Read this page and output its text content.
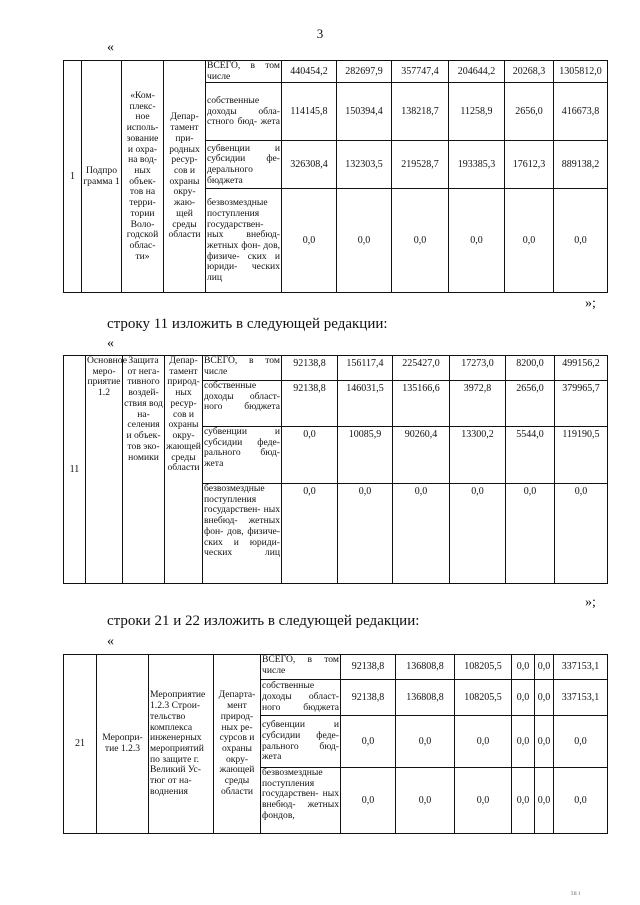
3
«
1	Подпро грамма 1	«Ком- плекс- ное исполь- зование и охра- на вод- ных объек- тов на терри- тории Воло- годской облас- ти»	Депар- тамент при- родных ресур- сов и охраны окру- жаю- щей среды области	ВСЕГО, в том числе	440454,2	282697,9	357747,4	204644,2	20268,3	1305812,0
				собственные доходы обла- стного бюд- жета	114145,8	150394,4	138218,7	11258,9	2656,0	416673,8
				субвенции и субсидии фе- дерального бюджета	326308,4	132303,5	219528,7	193385,3	17612,3	889138,2
				безвозмездные поступления государствен- ных внебюд- жетных фон- дов, физиче- ских и юриди- ческих лиц	0,0	0,0	0,0	0,0	0,0	0,0
»;
строку 11 изложить в следующей редакции:
«
11	Основное меро- приятие 1.2	Защита от нега- тивного воздей- ствия вод на- селения и объек- тов эко- номики	Депар- тамент природ- ных ресур- сов и охраны окру- жающей среды области	ВСЕГО, в том числе	92138,8	156117,4	225427,0	17273,0	8200,0	499156,2
				собственные доходы област- ного бюджета	92138,8	146031,5	135166,6	3972,8	2656,0	379965,7
				субвенции и субсидии феде- рального бюд- жета	0,0	10085,9	90260,4	13300,2	5544,0	119190,5
				безвозмездные поступления государствен- ных внебюд- жетных фон- дов, физиче- ских и юриди- ческих лиц	0,0	0,0	0,0	0,0	0,0	0,0
»;
строки 21 и 22 изложить в следующей редакции:
«
21	Меропри- тие 1.2.3	Мероприятие 1.2.3 Строи- тельство комплекса инженерных мероприятий по защите г. Великий Ус- тюг от на- воднения	Департа- мент природ- ных ре- сурсов и охраны окру- жающей среды области	ВСЕГО, в том числе	92138,8	136808,8	108205,5	0,0	0,0	337153,1
				собственные доходы област- ного бюджета	92138,8	136808,8	108205,5	0,0	0,0	337153,1
				субвенции и субсидии феде- рального бюд- жета	0,0	0,0	0,0	0,0	0,0	0,0
				безвозмездные поступления государствен- ных внебюд- жетных фондов,	0,0	0,0	0,0	0,0	0,0	0,0
1іі і
